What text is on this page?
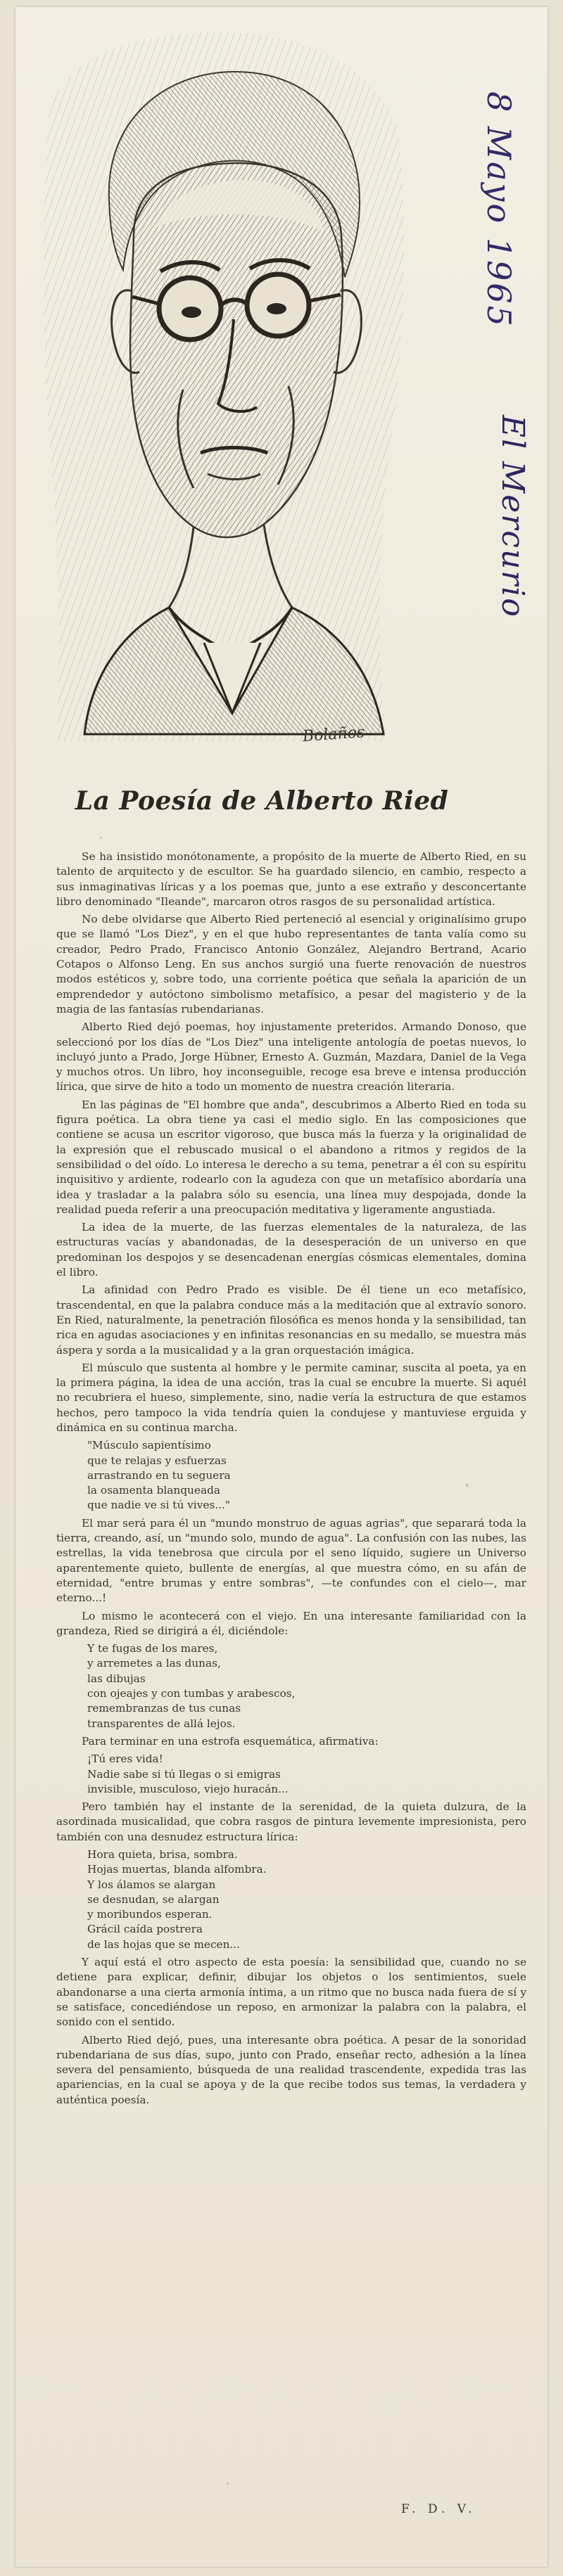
Bolaños
8 Mayo 1965
El Mercurio
La Poesía de Alberto Ried

Se ha insistido monótonamente, a propósito de la muerte de Alberto Ried, en su talento de arquitecto y de escultor. Se ha guardado silencio, en cambio, respecto a sus inmaginativas líricas y a los poemas que, junto a ese extraño y desconcertante libro denominado "Ileande", marcaron otros rasgos de su personalidad artística.

No debe olvidarse que Alberto Ried perteneció al esencial y originalísimo grupo que se llamó "Los Diez", y en el que hubo representantes de tanta valía como su creador, Pedro Prado, Francisco Antonio González, Alejandro Bertrand, Acario Cotapos o Alfonso Leng. En sus anchos surgió una fuerte renovación de nuestros modos estéticos y, sobre todo, una corriente poética que señala la aparición de un emprendedor y autóctono simbolismo metafísico, a pesar del magisterio y de la magia de las fantasías rubendarianas.

Alberto Ried dejó poemas, hoy injustamente preteridos. Armando Donoso, que seleccionó por los días de "Los Diez" una inteligente antología de poetas nuevos, lo incluyó junto a Prado, Jorge Hübner, Ernesto A. Guzmán, Mazdara, Daniel de la Vega y muchos otros. Un libro, hoy inconseguible, recoge esa breve e intensa producción lírica, que sirve de hito a todo un momento de nuestra creación literaria.

En las páginas de "El hombre que anda", descubrimos a Alberto Ried en toda su figura poética. La obra tiene ya casi el medio siglo. En las composiciones que contiene se acusa un escritor vigoroso, que busca más la fuerza y la originalidad de la expresión que el rebuscado musical o el abandono a ritmos y regidos de la sensibilidad o del oído. Lo interesa le derecho a su tema, penetrar a él con su espíritu inquisitivo y ardiente, rodearlo con la agudeza con que un metafísico abordaría una idea y trasladar a la palabra sólo su esencia, una línea muy despojada, donde la realidad pueda referir a una preocupación meditativa y ligeramente angustiada.

La idea de la muerte, de las fuerzas elementales de la naturaleza, de las estructuras vacías y abandonadas, de la desesperación de un universo en que predominan los despojos y se desencadenan energías cósmicas elementales, domina el libro.

La afinidad con Pedro Prado es visible. De él tiene un eco metafísico, trascendental, en que la palabra conduce más a la meditación que al extravío sonoro. En Ried, naturalmente, la penetración filosófica es menos honda y la sensibilidad, tan rica en agudas asociaciones y en infinitas resonancias en su medallo, se muestra más áspera y sorda a la musicalidad y a la gran orquestación imágica.

El músculo que sustenta al hombre y le permite caminar, suscita al poeta, ya en la primera página, la idea de una acción, tras la cual se encubre la muerte. Si aquél no recubriera el hueso, simplemente, sino, nadie vería la estructura de que estamos hechos, pero tampoco la vida tendría quien la condujese y mantuviese erguida y dinámica en su continua marcha.

"Músculo sapientísimo

que te relajas y esfuerzas

arrastrando en tu seguera

la osamenta blanqueada

que nadie ve si tú vives..."

El mar será para él un "mundo monstruo de aguas agrias", que separará toda la tierra, creando, así, un "mundo solo, mundo de agua". La confusión con las nubes, las estrellas, la vida tenebrosa que circula por el seno líquido, sugiere un Universo aparentemente quieto, bullente de energías, al que muestra cómo, en su afán de eternidad, "entre brumas y entre sombras", —te confundes con el cielo—, mar eterno...!

Lo mismo le acontecerá con el viejo. En una interesante familiaridad con la grandeza, Ried se dirigirá a él, diciéndole:

Y te fugas de los mares,

y arremetes a las dunas,

las dibujas

con ojeajes y con tumbas y arabescos,

remembranzas de tus cunas

transparentes de allá lejos.

Para terminar en una estrofa esquemática, afirmativa:

¡Tú eres vida!

Nadie sabe si tú llegas o si emigras

invisible, musculoso, viejo huracán...

Pero también hay el instante de la serenidad, de la quieta dulzura, de la asordinada musicalidad, que cobra rasgos de pintura levemente impresionista, pero también con una desnudez estructura lírica:

Hora quieta, brisa, sombra.

Hojas muertas, blanda alfombra.

Y los álamos se alargan

se desnudan, se alargan

y moribundos esperan.

Grácil caída postrera

de las hojas que se mecen...

Y aquí está el otro aspecto de esta poesía: la sensibilidad que, cuando no se detiene para explicar, definir, dibujar los objetos o los sentimientos, suele abandonarse a una cierta armonía íntima, a un ritmo que no busca nada fuera de sí y se satisface, concediéndose un reposo, en armonizar la palabra con la palabra, el sonido con el sentido.

Alberto Ried dejó, pues, una interesante obra poética. A pesar de la sonoridad rubendariana de sus días, supo, junto con Prado, enseñar recto, adhesión a la línea severa del pensamiento, búsqueda de una realidad trascendente, expedida tras las apariencias, en la cual se apoya y de la que recibe todos sus temas, la verdadera y auténtica poesía.

F. D. V.
